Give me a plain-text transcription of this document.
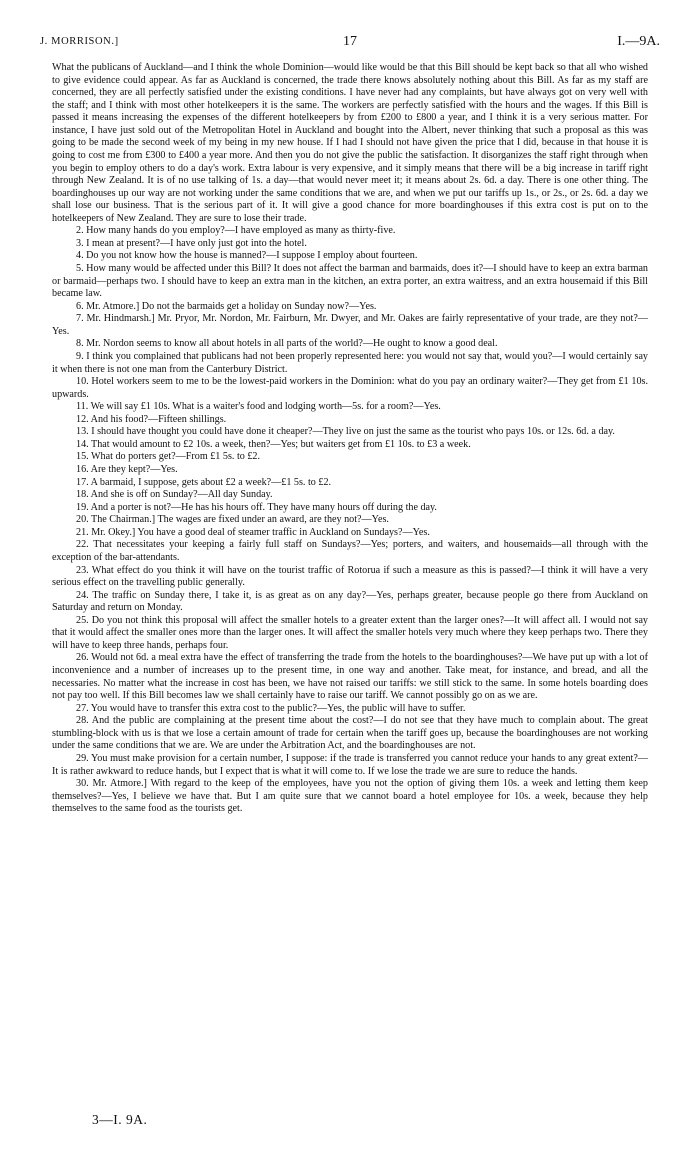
J. MORRISON.]	17	I.—9A.

What the publicans of Auckland—and I think the whole Dominion—would like would be that this Bill should be kept back so that all who wished to give evidence could appear. As far as Auckland is concerned, the trade there knows absolutely nothing about this Bill. As far as my staff are concerned, they are all perfectly satisfied under the existing conditions. I have never had any complaints, but have always got on very well with the staff; and I think with most other hotelkeepers it is the same. The workers are perfectly satisfied with the hours and the wages. If this Bill is passed it means increasing the expenses of the different hotelkeepers by from £200 to £800 a year, and I think it is a very serious matter. For instance, I have just sold out of the Metropolitan Hotel in Auckland and bought into the Albert, never thinking that such a proposal as this was going to be made the second week of my being in my new house. If I had I should not have given the price that I did, because in that house it is going to cost me from £300 to £400 a year more. And then you do not give the public the satisfaction. It disorganizes the staff right through when you begin to employ others to do a day's work. Extra labour is very expensive, and it simply means that there will be a big increase in tariff right through New Zealand. It is of no use talking of 1s. a day—that would never meet it; it means about 2s. 6d. a day. There is one other thing. The boardinghouses up our way are not working under the same conditions that we are, and when we put our tariffs up 1s., or 2s., or 2s. 6d. a day we shall lose our business. That is the serious part of it. It will give a good chance for more boardinghouses if this extra cost is put on to the hotelkeepers of New Zealand. They are sure to lose their trade.

2. How many hands do you employ?—I have employed as many as thirty-five.

3. I mean at present?—I have only just got into the hotel.

4. Do you not know how the house is manned?—I suppose I employ about fourteen.

5. How many would be affected under this Bill? It does not affect the barman and barmaids, does it?—I should have to keep an extra barman or barmaid—perhaps two. I should have to keep an extra man in the kitchen, an extra porter, an extra waitress, and an extra housemaid if this Bill became law.

6. Mr. Atmore.] Do not the barmaids get a holiday on Sunday now?—Yes.

7. Mr. Hindmarsh.] Mr. Pryor, Mr. Nordon, Mr. Fairburn, Mr. Dwyer, and Mr. Oakes are fairly representative of your trade, are they not?—Yes.

8. Mr. Nordon seems to know all about hotels in all parts of the world?—He ought to know a good deal.

9. I think you complained that publicans had not been properly represented here: you would not say that, would you?—I would certainly say it when there is not one man from the Canterbury District.

10. Hotel workers seem to me to be the lowest-paid workers in the Dominion: what do you pay an ordinary waiter?—They get from £1 10s. upwards.

11. We will say £1 10s. What is a waiter's food and lodging worth—5s. for a room?—Yes.

12. And his food?—Fifteen shillings.

13. I should have thought you could have done it cheaper?—They live on just the same as the tourist who pays 10s. or 12s. 6d. a day.

14. That would amount to £2 10s. a week, then?—Yes; but waiters get from £1 10s. to £3 a week.

15. What do porters get?—From £1 5s. to £2.

16. Are they kept?—Yes.

17. A barmaid, I suppose, gets about £2 a week?—£1 5s. to £2.

18. And she is off on Sunday?—All day Sunday.

19. And a porter is not?—He has his hours off. They have many hours off during the day.

20. The Chairman.] The wages are fixed under an award, are they not?—Yes.

21. Mr. Okey.] You have a good deal of steamer traffic in Auckland on Sundays?—Yes.

22. That necessitates your keeping a fairly full staff on Sundays?—Yes; porters, and waiters, and housemaids—all through with the exception of the bar-attendants.

23. What effect do you think it will have on the tourist traffic of Rotorua if such a measure as this is passed?—I think it will have a very serious effect on the travelling public generally.

24. The traffic on Sunday there, I take it, is as great as on any day?—Yes, perhaps greater, because people go there from Auckland on Saturday and return on Monday.

25. Do you not think this proposal will affect the smaller hotels to a greater extent than the larger ones?—It will affect all. I would not say that it would affect the smaller ones more than the larger ones. It will affect the smaller hotels very much where they keep perhaps two. There they will have to keep three hands, perhaps four.

26. Would not 6d. a meal extra have the effect of transferring the trade from the hotels to the boardinghouses?—We have put up with a lot of inconvenience and a number of increases up to the present time, in one way and another. Take meat, for instance, and bread, and all the necessaries. No matter what the increase in cost has been, we have not raised our tariffs: we still stick to the same. In some hotels boarding does not pay too well. If this Bill becomes law we shall certainly have to raise our tariff. We cannot possibly go on as we are.

27. You would have to transfer this extra cost to the public?—Yes, the public will have to suffer.

28. And the public are complaining at the present time about the cost?—I do not see that they have much to complain about. The great stumbling-block with us is that we lose a certain amount of trade for certain when the tariff goes up, because the boardinghouses are not working under the same conditions that we are. We are under the Arbitration Act, and the boardinghouses are not.

29. You must make provision for a certain number, I suppose: if the trade is transferred you cannot reduce your hands to any great extent?—It is rather awkward to reduce hands, but I expect that is what it will come to. If we lose the trade we are sure to reduce the hands.

30. Mr. Atmore.] With regard to the keep of the employees, have you not the option of giving them 10s. a week and letting them keep themselves?—Yes, I believe we have that. But I am quite sure that we cannot board a hotel employee for 10s. a week, because they help themselves to the same food as the tourists get.

3—I. 9A.
